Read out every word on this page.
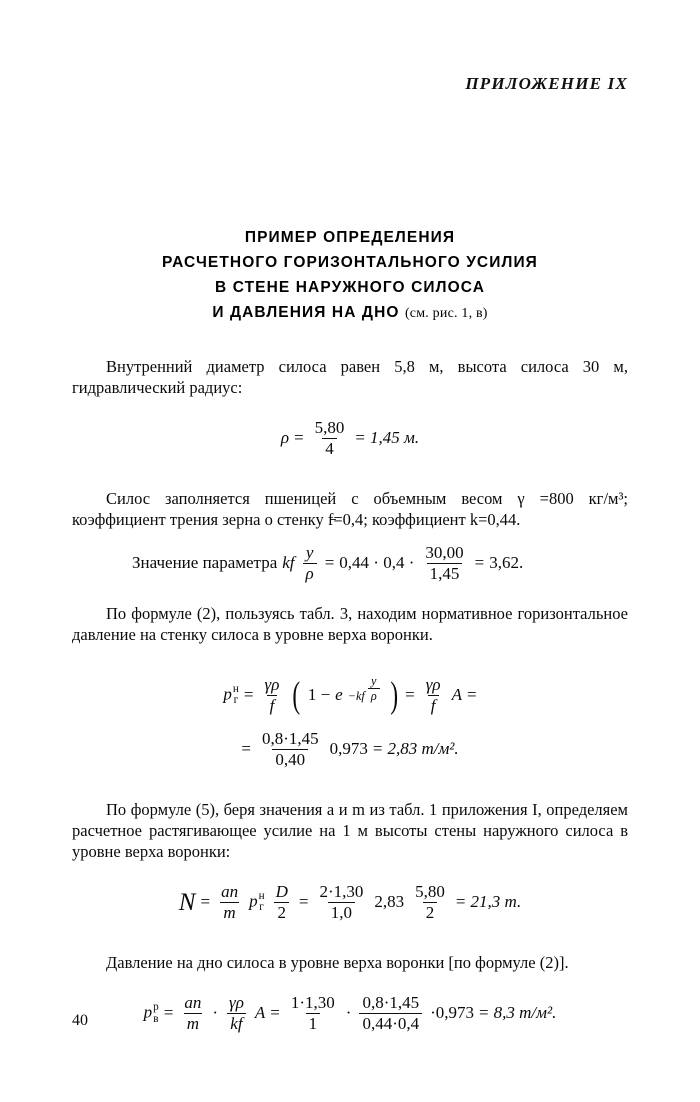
ПРИЛОЖЕНИЕ IX
ПРИМЕР ОПРЕДЕЛЕНИЯ
РАСЧЕТНОГО ГОРИЗОНТАЛЬНОГО УСИЛИЯ
В СТЕНЕ НАРУЖНОГО СИЛОСА
И ДАВЛЕНИЯ НА ДНО (см. рис. 1, в)

Внутренний диаметр силоса равен 5,8 м, высота силоса 30 м, гидравлический радиус:

$\rho = \frac{5,80}{4} = 1,45$ м.

Силос заполняется пшеницей с объемным весом γ =800 кг/м³; коэффициент трения зерна о стенку f̵=0,4; коэффициент k=0,44.

Значение параметра kf $\frac{y}{\rho} = 0,44 \cdot 0,4 \cdot \frac{30,00}{1,45} = 3,62$.

По формуле (2), пользуясь табл. 3, находим нормативное горизонтальное давление на стенку силоса в уровне верха воронки.

p н
$г = \frac{\gamma\rho}{f}$ ( $1 - e -kf \frac{y}{\rho}$ ) = $\frac{\gamma\rho}{f}$ A =
= $\frac{0,8\cdot 1,45}{0,40} 0,973 = 2,83$ т/м².

По формуле (5), беря значения a и m из табл. 1 приложения I, определяем расчетное растягивающее усилие на 1 м высоты стены наружного силоса в уровне верха воронки:

$N = \frac{an}{m}$ p н
г $\frac{D}{2} = \frac{2\cdot 1,30}{1,0} 2,83 \frac{5,80}{2} = 21,3$ т.

Давление на дно силоса в уровне верха воронки [по формуле (2)].

p р
$в = \frac{an}{m} \cdot \frac{\gamma\rho}{kf}$ $A = \frac{1\cdot 1,30}{1} \cdot \frac{0,8\cdot 1,45}{0,44\cdot 0,4} \cdot 0,973 = 8,3$ т/м².
40
